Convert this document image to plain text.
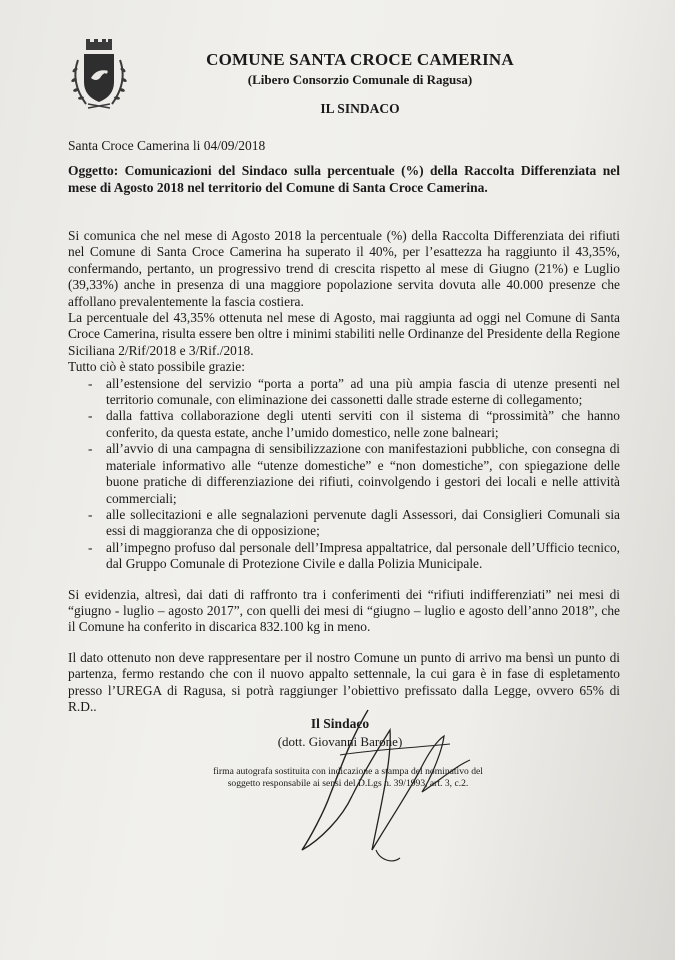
COMUNE SANTA CROCE CAMERINA
(Libero Consorzio Comunale di Ragusa)
IL SINDACO
Santa Croce Camerina li 04/09/2018
Oggetto: Comunicazioni del Sindaco sulla percentuale (%) della Raccolta Differenziata nel mese di Agosto 2018 nel territorio del Comune di Santa Croce Camerina.

Si comunica che nel mese di Agosto 2018 la percentuale (%) della Raccolta Differenziata dei rifiuti nel Comune di Santa Croce Camerina ha superato il 40%, per l’esattezza ha raggiunto il 43,35%, confermando, pertanto, un progressivo trend di crescita rispetto al mese di Giugno (21%) e Luglio (39,33%) anche in presenza di una maggiore popolazione servita dovuta alle 40.000 presenze che affollano prevalentemente la fascia costiera.

La percentuale del 43,35% ottenuta nel mese di Agosto, mai raggiunta ad oggi nel Comune di Santa Croce Camerina, risulta essere ben oltre i minimi stabiliti nelle Ordinanze del Presidente della Regione Siciliana 2/Rif/2018 e 3/Rif./2018.

Tutto ciò è stato possibile grazie:

- all’estensione del servizio “porta a porta” ad una più ampia fascia di utenze presenti nel territorio comunale, con eliminazione dei cassonetti dalle strade esterne di collegamento;
- dalla fattiva collaborazione degli utenti serviti con il sistema di “prossimità” che hanno conferito, da questa estate, anche l’umido domestico, nelle zone balneari;
- all’avvio di una campagna di sensibilizzazione con manifestazioni pubbliche, con consegna di materiale informativo alle “utenze domestiche” e “non domestiche”, con spiegazione delle buone pratiche di differenziazione dei rifiuti, coinvolgendo i gestori dei locali e nelle attività commerciali;
- alle sollecitazioni e alle segnalazioni pervenute dagli Assessori, dai Consiglieri Comunali sia essi di maggioranza che di opposizione;
- all’impegno profuso dal personale dell’Impresa appaltatrice, dal personale dell’Ufficio tecnico, dal Gruppo Comunale di Protezione Civile e dalla Polizia Municipale.

Si evidenzia, altresì, dai dati di raffronto tra i conferimenti dei “rifiuti indifferenziati” nei mesi di “giugno - luglio – agosto 2017”, con quelli dei mesi di “giugno – luglio e agosto dell’anno 2018”, che il Comune ha conferito in discarica 832.100 kg in meno.

Il dato ottenuto non deve rappresentare per il nostro Comune un punto di arrivo ma bensì un punto di partenza, fermo restando che con il nuovo appalto settennale, la cui gara è in fase di espletamento presso l’UREGA di Ragusa, si potrà raggiunger l’obiettivo prefissato dalla Legge, ovvero 65% di R.D..

Il Sindaco
(dott. Giovanni Barone)
firma autografa sostituita con indicazione a stampa del nominativo del soggetto responsabile ai sensi del D.Lgs n. 39/1993, art. 3, c.2.
